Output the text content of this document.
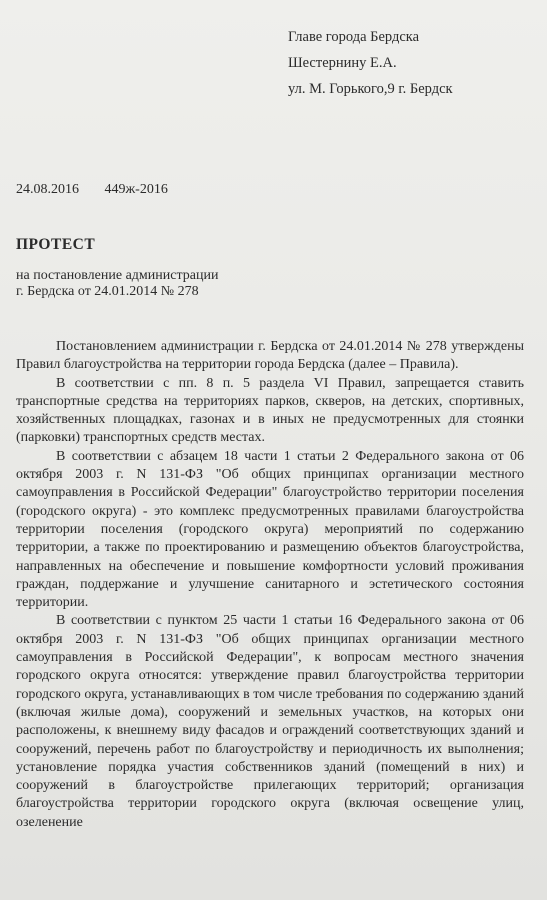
Главе города Бердска
Шестернину Е.А.
ул. М. Горького,9 г. Бердск
24.08.2016 449ж-2016
ПРОТЕСТ
на постановление администрации
г. Бердска от 24.01.2014 № 278

Постановлением администрации г. Бердска от 24.01.2014 № 278 утверждены Правил благоустройства на территории города Бердска (далее – Правила).

В соответствии с пп. 8 п. 5 раздела VI Правил, запрещается ставить транспортные средства на территориях парков, скверов, на детских, спортивных, хозяйственных площадках, газонах и в иных не предусмотренных для стоянки (парковки) транспортных средств местах.

В соответствии с абзацем 18 части 1 статьи 2 Федерального закона от 06 октября 2003 г. N 131-ФЗ "Об общих принципах организации местного самоуправления в Российской Федерации" благоустройство территории поселения (городского округа) - это комплекс предусмотренных правилами благоустройства территории поселения (городского округа) мероприятий по содержанию территории, а также по проектированию и размещению объектов благоустройства, направленных на обеспечение и повышение комфортности условий проживания граждан, поддержание и улучшение санитарного и эстетического состояния территории.

В соответствии с пунктом 25 части 1 статьи 16 Федерального закона от 06 октября 2003 г. N 131-ФЗ "Об общих принципах организации местного самоуправления в Российской Федерации", к вопросам местного значения городского округа относятся: утверждение правил благоустройства территории городского округа, устанавливающих в том числе требования по содержанию зданий (включая жилые дома), сооружений и земельных участков, на которых они расположены, к внешнему виду фасадов и ограждений соответствующих зданий и сооружений, перечень работ по благоустройству и периодичность их выполнения; установление порядка участия собственников зданий (помещений в них) и сооружений в благоустройстве прилегающих территорий; организация благоустройства территории городского округа (включая освещение улиц, озеленение
